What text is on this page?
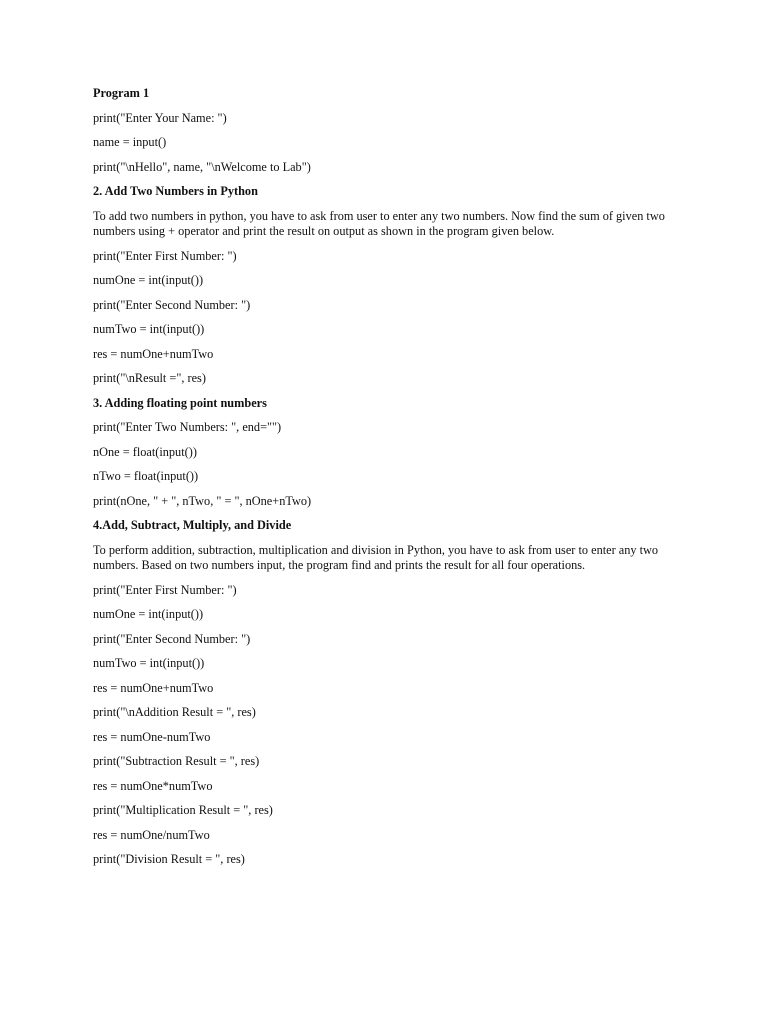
Program 1
print("Enter Your Name: ")
name = input()
print("\nHello", name, "\nWelcome to Lab")
2. Add Two Numbers in Python
To add two numbers in python, you have to ask from user to enter any two numbers. Now find the sum of given two numbers using + operator and print the result on output as shown in the program given below.
print("Enter First Number: ")
numOne = int(input())
print("Enter Second Number: ")
numTwo = int(input())
res = numOne+numTwo
print("\nResult =", res)
3. Adding floating point numbers
print("Enter Two Numbers: ", end="")
nOne = float(input())
nTwo = float(input())
print(nOne, " + ", nTwo, " = ", nOne+nTwo)
4.Add, Subtract, Multiply, and Divide
To perform addition, subtraction, multiplication and division in Python, you have to ask from user to enter any two numbers. Based on two numbers input, the program find and prints the result for all four operations.
print("Enter First Number: ")
numOne = int(input())
print("Enter Second Number: ")
numTwo = int(input())
res = numOne+numTwo
print("\nAddition Result = ", res)
res = numOne-numTwo
print("Subtraction Result = ", res)
res = numOne*numTwo
print("Multiplication Result = ", res)
res = numOne/numTwo
print("Division Result = ", res)
